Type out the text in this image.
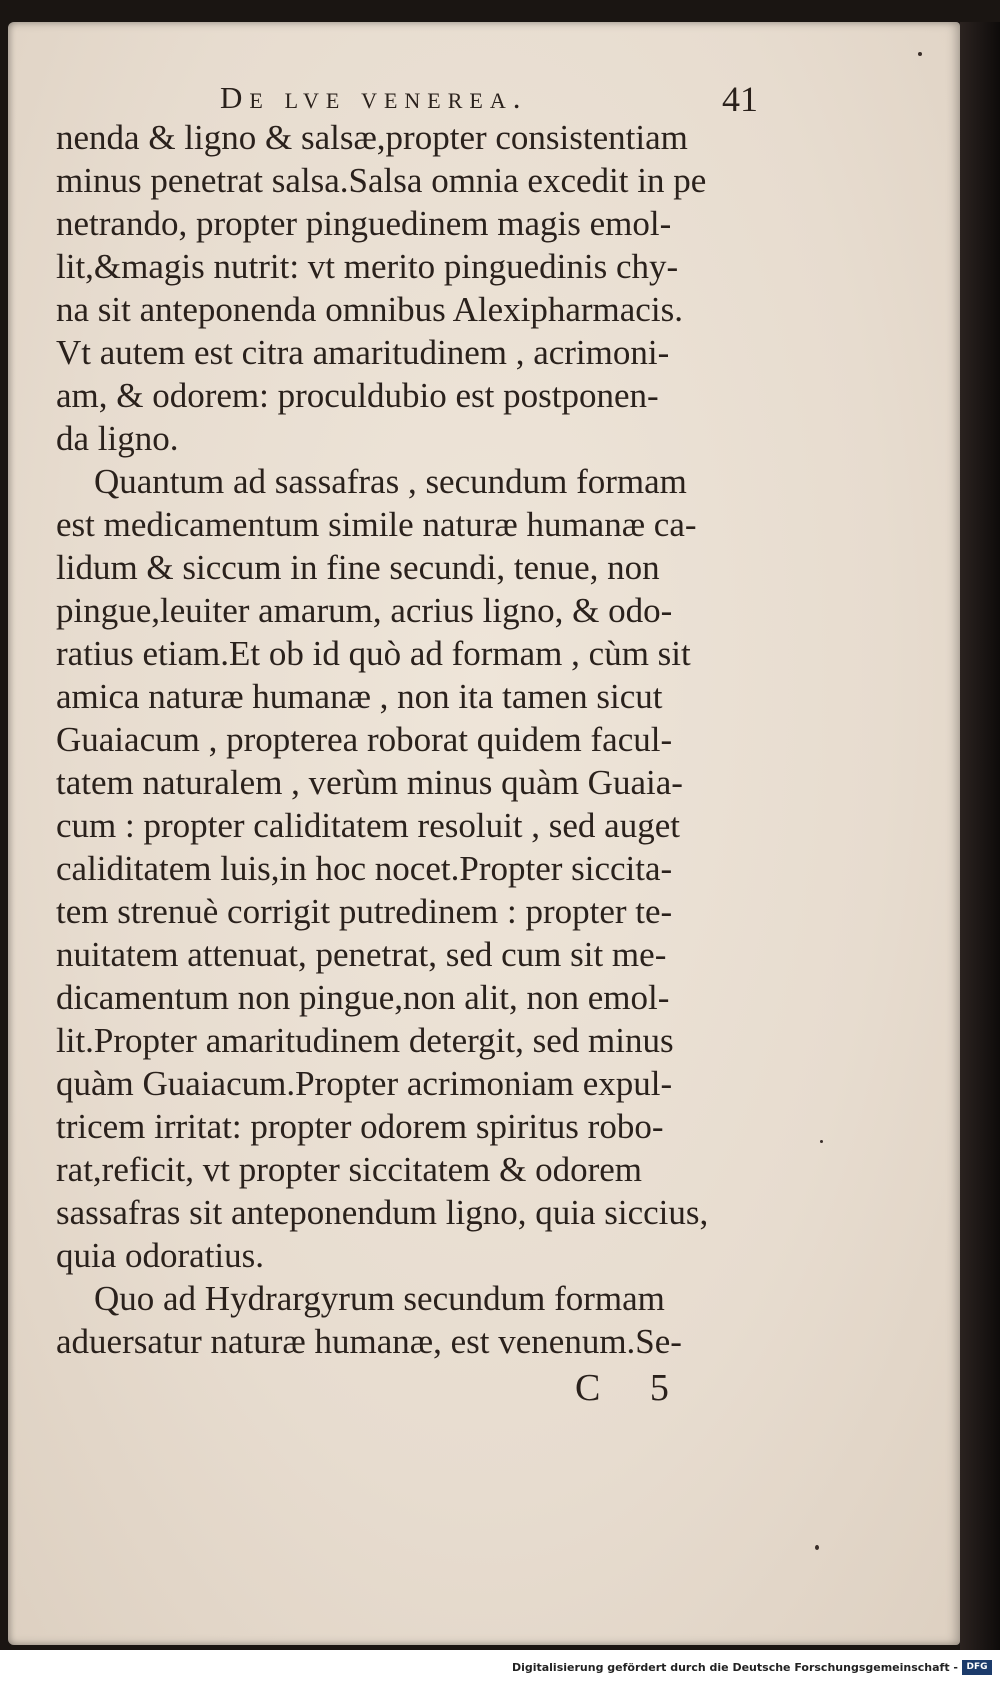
De lve venerea.	41
nenda & ligno & salsæ,propter consistentiam
minus penetrat salsa.Salsa omnia excedit in pe
netrando, propter pinguedinem magis emol-
lit,&magis nutrit: vt merito pinguedinis chy-
na sit anteponenda omnibus Alexipharmacis.
Vt autem est citra amaritudinem , acrimoni-
am, & odorem: proculdubio est postponen-
da ligno.
Quantum ad sassafras , secundum formam
est medicamentum simile naturæ humanæ ca-
lidum & siccum in fine secundi, tenue, non
pingue,leuiter amarum, acrius ligno, & odo-
ratius etiam.Et ob id quò ad formam , cùm sit
amica naturæ humanæ , non ita tamen sicut
Guaiacum , propterea roborat quidem facul-
tatem naturalem , verùm minus quàm Guaia-
cum : propter caliditatem resoluit , sed auget
caliditatem luis,in hoc nocet.Propter siccita-
tem strenuè corrigit putredinem : propter te-
nuitatem attenuat, penetrat, sed cum sit me-
dicamentum non pingue,non alit, non emol-
lit.Propter amaritudinem detergit, sed minus
quàm Guaiacum.Propter acrimoniam expul-
tricem irritat: propter odorem spiritus robo-
rat,reficit, vt propter siccitatem & odorem
sassafras sit anteponendum ligno, quia siccius,
quia odoratius.
Quo ad Hydrargyrum secundum formam
aduersatur naturæ humanæ, est venenum.Se-
C 5
Digitalisierung gefördert durch die Deutsche Forschungsgemeinschaft - DFG
